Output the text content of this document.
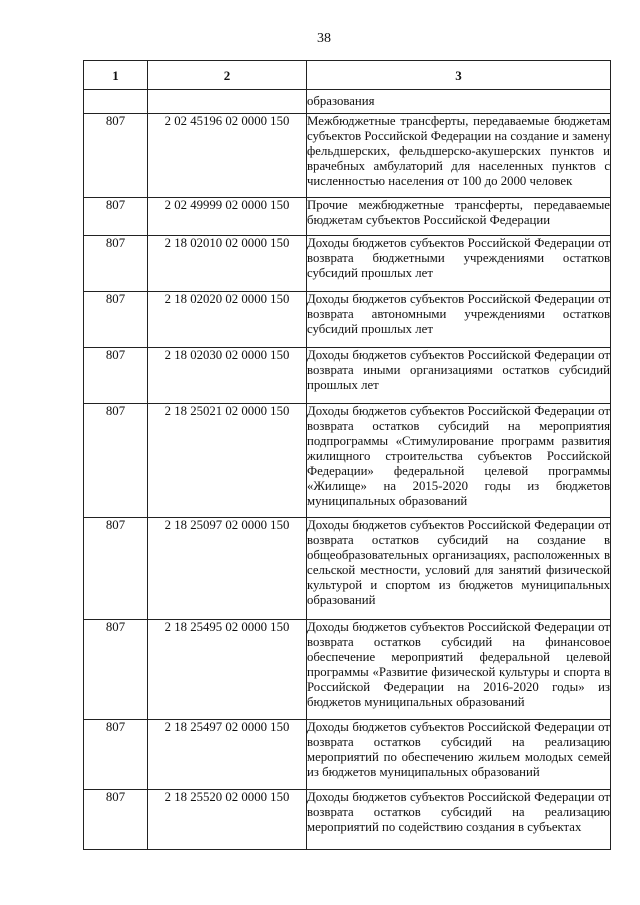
38
1	2	3
		образования
807	2 02 45196 02 0000 150	Межбюджетные трансферты, передаваемые бюджетам субъектов Российской Федерации на создание и замену фельдшерских, фельдшерско-акушерских пунктов и врачебных амбулаторий для населенных пунктов с численностью населения от 100 до 2000 человек
807	2 02 49999 02 0000 150	Прочие межбюджетные трансферты, передаваемые бюджетам субъектов Российской Федерации
807	2 18 02010 02 0000 150	Доходы бюджетов субъектов Российской Федерации от возврата бюджетными учреждениями остатков субсидий прошлых лет
807	2 18 02020 02 0000 150	Доходы бюджетов субъектов Российской Федерации от возврата автономными учреждениями остатков субсидий прошлых лет
807	2 18 02030 02 0000 150	Доходы бюджетов субъектов Российской Федерации от возврата иными организациями остатков субсидий прошлых лет
807	2 18 25021 02 0000 150	Доходы бюджетов субъектов Российской Федерации от возврата остатков субсидий на мероприятия подпрограммы «Стимулирование программ развития жилищного строительства субъектов Российской Федерации» федеральной целевой программы «Жилище» на 2015-2020 годы из бюджетов муниципальных образований
807	2 18 25097 02 0000 150	Доходы бюджетов субъектов Российской Федерации от возврата остатков субсидий на создание в общеобразовательных организациях, расположенных в сельской местности, условий для занятий физической культурой и спортом из бюджетов муниципальных образований
807	2 18 25495 02 0000 150	Доходы бюджетов субъектов Российской Федерации от возврата остатков субсидий на финансовое обеспечение мероприятий федеральной целевой программы «Развитие физической культуры и спорта в Российской Федерации на 2016-2020 годы» из бюджетов муниципальных образований
807	2 18 25497 02 0000 150	Доходы бюджетов субъектов Российской Федерации от возврата остатков субсидий на реализацию мероприятий по обеспечению жильем молодых семей из бюджетов муниципальных образований
807	2 18 25520 02 0000 150	Доходы бюджетов субъектов Российской Федерации от возврата остатков субсидий на реализацию мероприятий по содействию создания в субъектах
